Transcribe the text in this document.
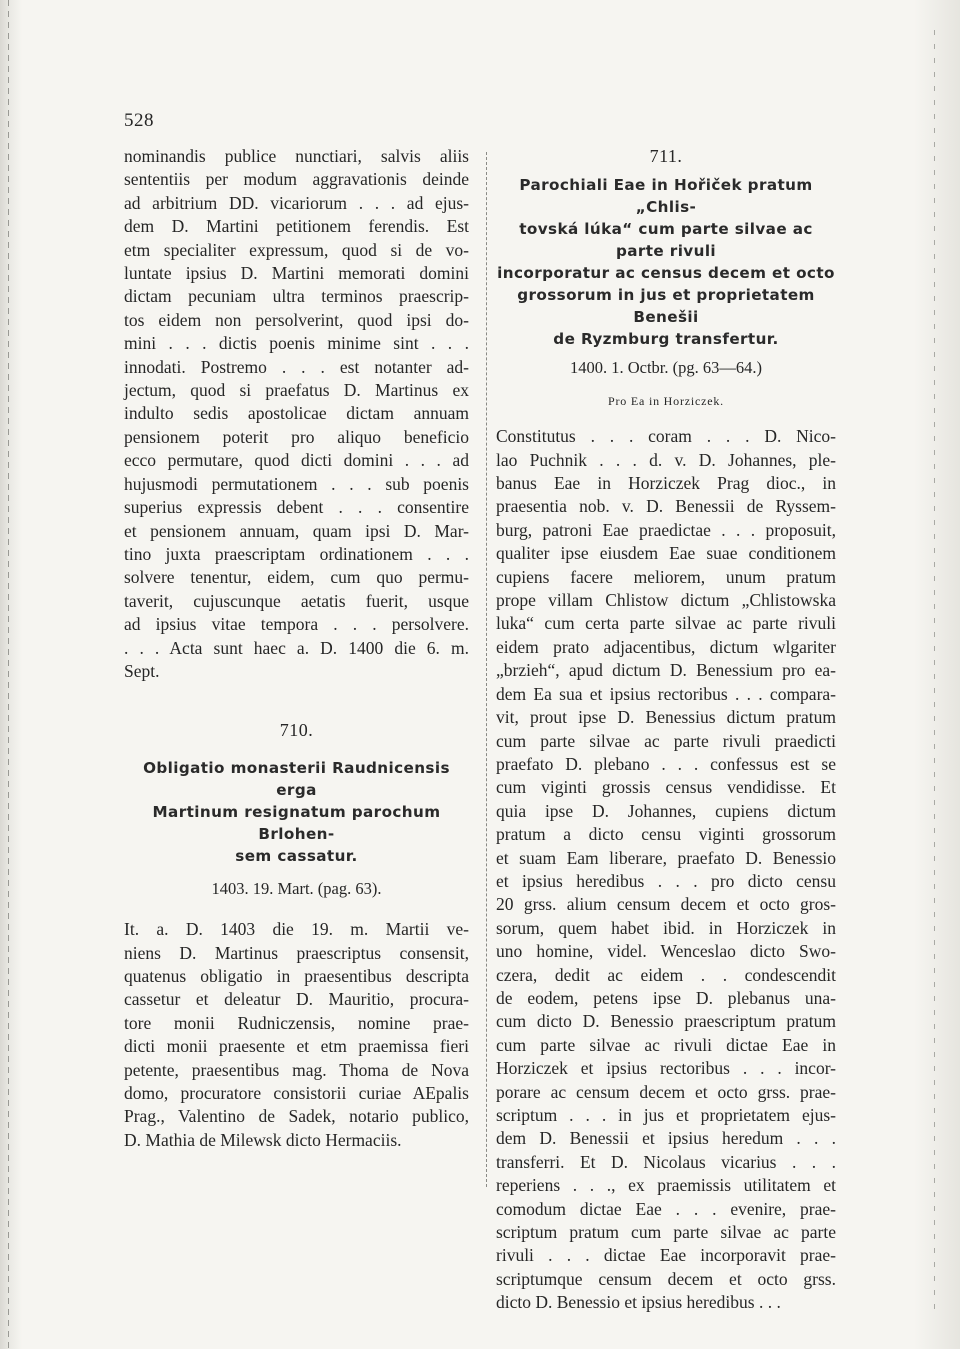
528
nominandis publice nunctiari, salvis aliis
sententiis per modum aggravationis deinde
ad arbitrium DD. vicariorum . . . ad ejus-
dem D. Martini petitionem ferendis. Est
etm specialiter expressum, quod si de vo-
luntate ipsius D. Martini memorati domini
dictam pecuniam ultra terminos praescrip-
tos eidem non persolverint, quod ipsi do-
mini . . . dictis poenis minime sint . . .
innodati. Postremo . . . est notanter ad-
jectum, quod si praefatus D. Martinus ex
indulto sedis apostolicae dictam annuam
pensionem poterit pro aliquo beneficio
ecco permutare, quod dicti domini . . . ad
hujusmodi permutationem . . . sub poenis
superius expressis debent . . . consentire
et pensionem annuam, quam ipsi D. Mar-
tino juxta praescriptam ordinationem . . .
solvere tenentur, eidem, cum quo permu-
taverit, cujuscunque aetatis fuerit, usque
ad ipsius vitae tempora . . . persolvere.
. . . Acta sunt haec a. D. 1400 die 6. m.
Sept.

710.

Obligatio monasterii Raudnicensis erga
Martinum resignatum parochum Brlohen-
sem cassatur.

1403. 19. Mart. (pag. 63).

It. a. D. 1403 die 19. m. Martii ve-
niens D. Martinus praescriptus consensit,
quatenus obligatio in praesentibus descripta
cassetur et deleatur D. Mauritio, procura-
tore monii Rudniczensis, nomine prae-
dicti monii praesente et etm praemissa fieri
petente, praesentibus mag. Thoma de Nova
domo, procuratore consistorii curiae AEpalis
Prag., Valentino de Sadek, notario publico,
D. Mathia de Milewsk dicto Hermaciis.

711.

Parochiali Eae in Hořiček pratum „Chlis-
tovská lúka“ cum parte silvae ac parte rivuli
incorporatur ac census decem et octo
grossorum in jus et proprietatem Benešii
de Ryzmburg transfertur.

1400. 1. Octbr. (pg. 63—64.)

Pro Ea in Horziczek.

Constitutus . . . coram . . . D. Nico-
lao Puchnik . . . d. v. D. Johannes, ple-
banus Eae in Horziczek Prag dioc., in
praesentia nob. v. D. Benessii de Ryssem-
burg, patroni Eae praedictae . . . proposuit,
qualiter ipse eiusdem Eae suae conditionem
cupiens facere meliorem, unum pratum
prope villam Chlistow dictum „Chlistowska
luka“ cum certa parte silvae ac parte rivuli
eidem prato adjacentibus, dictum wlgariter
„brzieh“, apud dictum D. Benessium pro ea-
dem Ea sua et ipsius rectoribus . . . compara-
vit, prout ipse D. Benessius dictum pratum
cum parte silvae ac parte rivuli praedicti
praefato D. plebano . . . confessus est se
cum viginti grossis census vendidisse. Et
quia ipse D. Johannes, cupiens dictum
pratum a dicto censu viginti grossorum
et suam Eam liberare, praefato D. Benessio
et ipsius heredibus . . . pro dicto censu
20 grss. alium censum decem et octo gros-
sorum, quem habet ibid. in Horziczek in
uno homine, videl. Wenceslao dicto Swo-
czera, dedit ac eidem . . condescendit
de eodem, petens ipse D. plebanus una-
cum dicto D. Benessio praescriptum pratum
cum parte silvae ac rivuli dictae Eae in
Horziczek et ipsius rectoribus . . . incor-
porare ac censum decem et octo grss. prae-
scriptum . . . in jus et proprietatem ejus-
dem D. Benessii et ipsius heredum . . .
transferri. Et D. Nicolaus vicarius . . .
reperiens . . ., ex praemissis utilitatem et
comodum dictae Eae . . . evenire, prae-
scriptum pratum cum parte silvae ac parte
rivuli . . . dictae Eae incorporavit prae-
scriptumque censum decem et octo grss.
dicto D. Benessio et ipsius heredibus . . .
